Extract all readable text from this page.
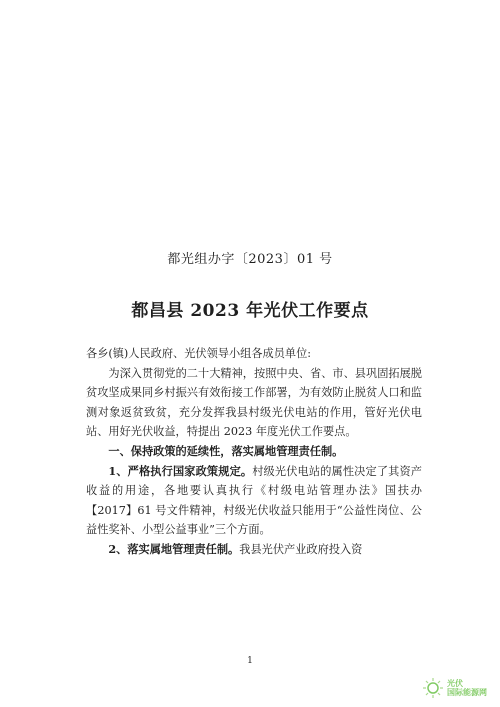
都光组办字〔2023〕01 号
都昌县 2023 年光伏工作要点

各乡(镇)人民政府、光伏领导小组各成员单位:

为深入贯彻党的二十大精神，按照中央、省、市、县巩固拓展脱贫攻坚成果同乡村振兴有效衔接工作部署，为有效防止脱贫人口和监测对象返贫致贫，充分发挥我县村级光伏电站的作用，管好光伏电站、用好光伏收益，特提出 2023 年度光伏工作要点。

一、保持政策的延续性，落实属地管理责任制。

1、严格执行国家政策规定。村级光伏电站的属性决定了其资产收益的用途，各地要认真执行《村级电站管理办法》国扶办【2017】61 号文件精神，村级光伏收益只能用于“公益性岗位、公益性奖补、小型公益事业”三个方面。

2、落实属地管理责任制。我县光伏产业政府投入资

1
光伏
国际能源网
